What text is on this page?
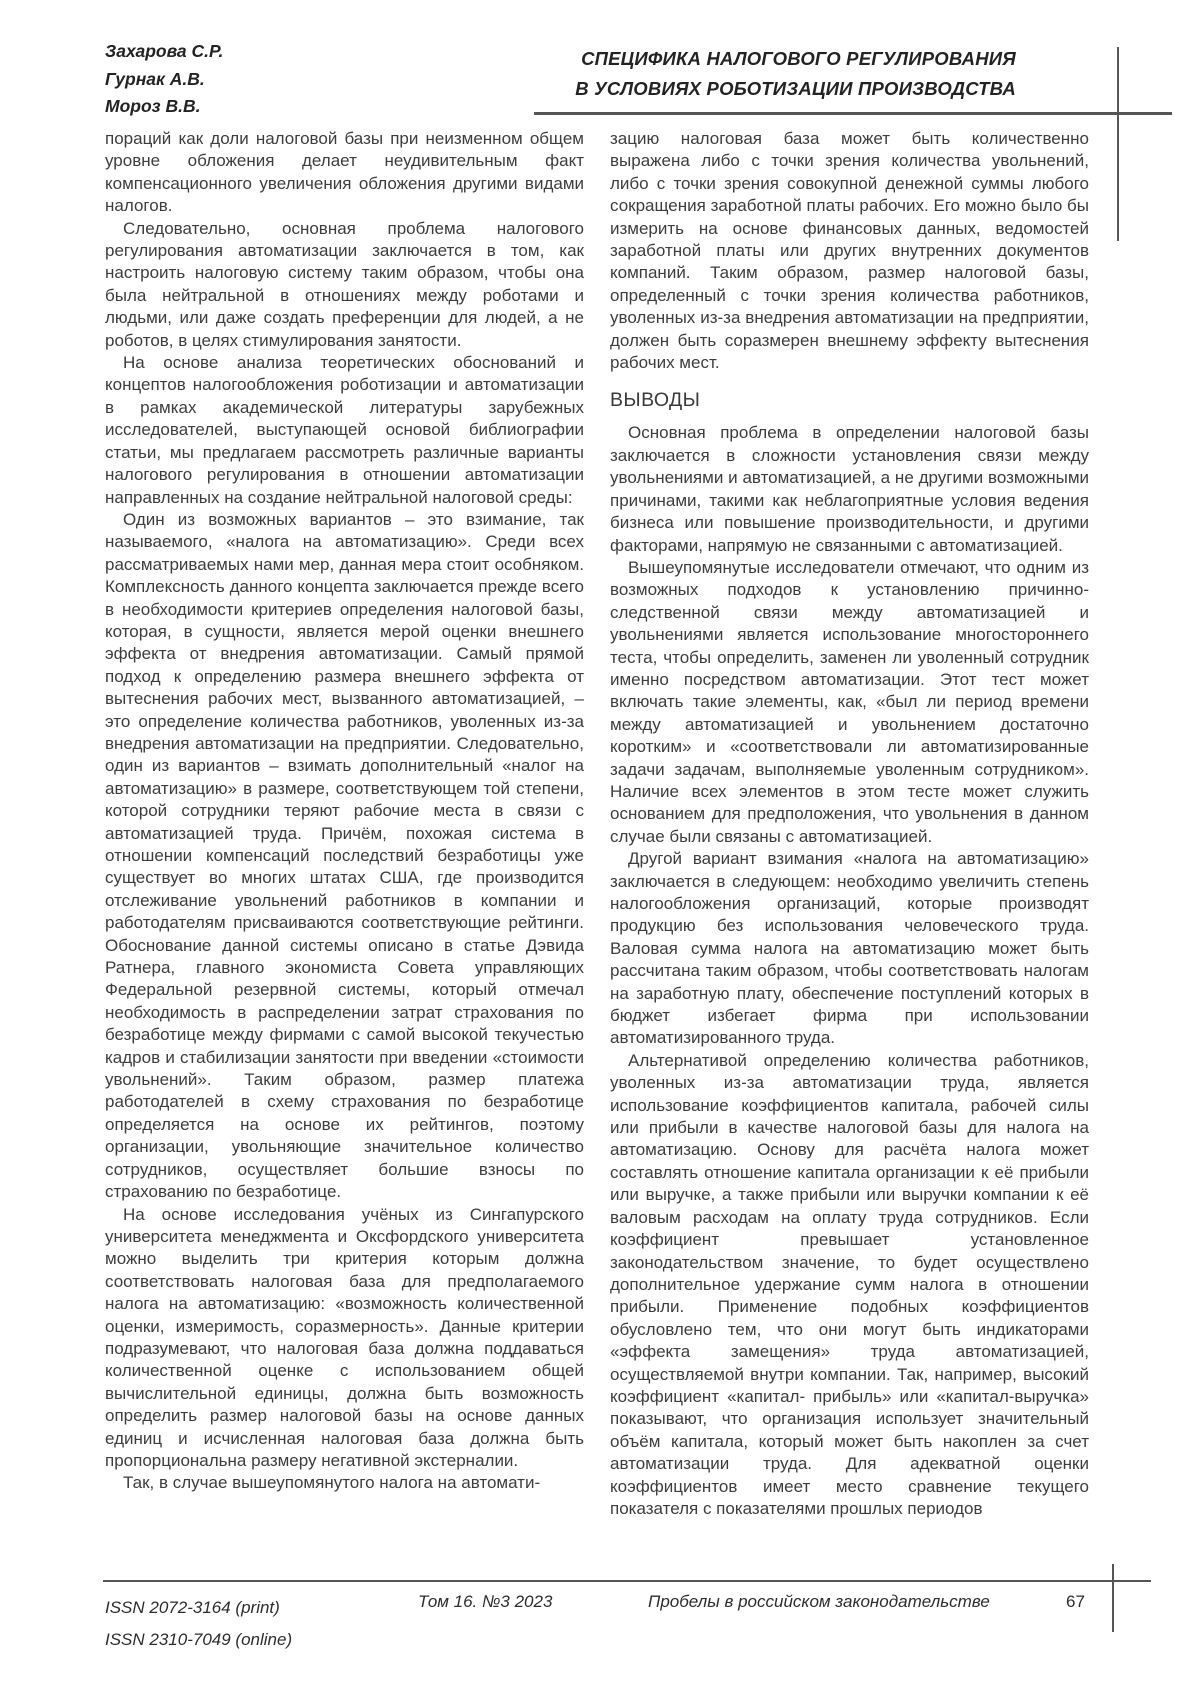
Захарова С.Р.
Гурнак А.В.
Мороз В.В.
СПЕЦИФИКА НАЛОГОВОГО РЕГУЛИРОВАНИЯ
В УСЛОВИЯХ РОБОТИЗАЦИИ ПРОИЗВОДСТВА

пораций как доли налоговой базы при неизменном общем уровне обложения делает неудивительным факт компенсационного увеличения обложения другими видами налогов.

Следовательно, основная проблема налогового регулирования автоматизации заключается в том, как настроить налоговую систему таким образом, чтобы она была нейтральной в отношениях между роботами и людьми, или даже создать преференции для людей, а не роботов, в целях стимулирования занятости.

На основе анализа теоретических обоснований и концептов налогообложения роботизации и автоматизации в рамках академической литературы зарубежных исследователей, выступающей основой библиографии статьи, мы предлагаем рассмотреть различные варианты налогового регулирования в отношении автоматизации направленных на создание нейтральной налоговой среды:

Один из возможных вариантов – это взимание, так называемого, «налога на автоматизацию». Среди всех рассматриваемых нами мер, данная мера стоит особняком. Комплексность данного концепта заключается прежде всего в необходимости критериев определения налоговой базы, которая, в сущности, является мерой оценки внешнего эффекта от внедрения автоматизации. Самый прямой подход к определению размера внешнего эффекта от вытеснения рабочих мест, вызванного автоматизацией, – это определение количества работников, уволенных из-за внедрения автоматизации на предприятии. Следовательно, один из вариантов – взимать дополнительный «налог на автоматизацию» в размере, соответствующем той степени, которой сотрудники теряют рабочие места в связи с автоматизацией труда. Причём, похожая система в отношении компенсаций последствий безработицы уже существует во многих штатах США, где производится отслеживание увольнений работников в компании и работодателям присваиваются соответствующие рейтинги. Обоснование данной системы описано в статье Дэвида Ратнера, главного экономиста Совета управляющих Федеральной резервной системы, который отмечал необходимость в распределении затрат страхования по безработице между фирмами с самой высокой текучестью кадров и стабилизации занятости при введении «стоимости увольнений». Таким образом, размер платежа работодателей в схему страхования по безработице определяется на основе их рейтингов, поэтому организации, увольняющие значительное количество сотрудников, осуществляет большие взносы по страхованию по безработице.

На основе исследования учёных из Сингапурского университета менеджмента и Оксфордского университета можно выделить три критерия которым должна соответствовать налоговая база для предполагаемого налога на автоматизацию: «возможность количественной оценки, измеримость, соразмерность». Данные критерии подразумевают, что налоговая база должна поддаваться количественной оценке с использованием общей вычислительной единицы, должна быть возможность определить размер налоговой базы на основе данных единиц и исчисленная налоговая база должна быть пропорциональна размеру негативной экстерналии.

Так, в случае вышеупомянутого налога на автомати-

зацию налоговая база может быть количественно выражена либо с точки зрения количества увольнений, либо с точки зрения совокупной денежной суммы любого сокращения заработной платы рабочих. Его можно было бы измерить на основе финансовых данных, ведомостей заработной платы или других внутренних документов компаний. Таким образом, размер налоговой базы, определенный с точки зрения количества работников, уволенных из-за внедрения автоматизации на предприятии, должен быть соразмерен внешнему эффекту вытеснения рабочих мест.

ВЫВОДЫ

Основная проблема в определении налоговой базы заключается в сложности установления связи между увольнениями и автоматизацией, а не другими возможными причинами, такими как неблагоприятные условия ведения бизнеса или повышение производительности, и другими факторами, напрямую не связанными с автоматизацией.

Вышеупомянутые исследователи отмечают, что одним из возможных подходов к установлению причинно-следственной связи между автоматизацией и увольнениями является использование многостороннего теста, чтобы определить, заменен ли уволенный сотрудник именно посредством автоматизации. Этот тест может включать такие элементы, как, «был ли период времени между автоматизацией и увольнением достаточно коротким» и «соответствовали ли автоматизированные задачи задачам, выполняемые уволенным сотрудником». Наличие всех элементов в этом тесте может служить основанием для предположения, что увольнения в данном случае были связаны с автоматизацией.

Другой вариант взимания «налога на автоматизацию» заключается в следующем: необходимо увеличить степень налогообложения организаций, которые производят продукцию без использования человеческого труда. Валовая сумма налога на автоматизацию может быть рассчитана таким образом, чтобы соответствовать налогам на заработную плату, обеспечение поступлений которых в бюджет избегает фирма при использовании автоматизированного труда.

Альтернативой определению количества работников, уволенных из-за автоматизации труда, является использование коэффициентов капитала, рабочей силы или прибыли в качестве налоговой базы для налога на автоматизацию. Основу для расчёта налога может составлять отношение капитала организации к её прибыли или выручке, а также прибыли или выручки компании к её валовым расходам на оплату труда сотрудников. Если коэффициент превышает установленное законодательством значение, то будет осуществлено дополнительное удержание сумм налога в отношении прибыли. Применение подобных коэффициентов обусловлено тем, что они могут быть индикаторами «эффекта замещения» труда автоматизацией, осуществляемой внутри компании. Так, например, высокий коэффициент «капитал- прибыль» или «капитал-выручка» показывают, что организация использует значительный объём капитала, который может быть накоплен за счет автоматизации труда. Для адекватной оценки коэффициентов имеет место сравнение текущего показателя с показателями прошлых периодов

ISSN 2072-3164 (print)
ISSN 2310-7049 (online)
Том 16. №3 2023	Пробелы в российском законодательстве	67
